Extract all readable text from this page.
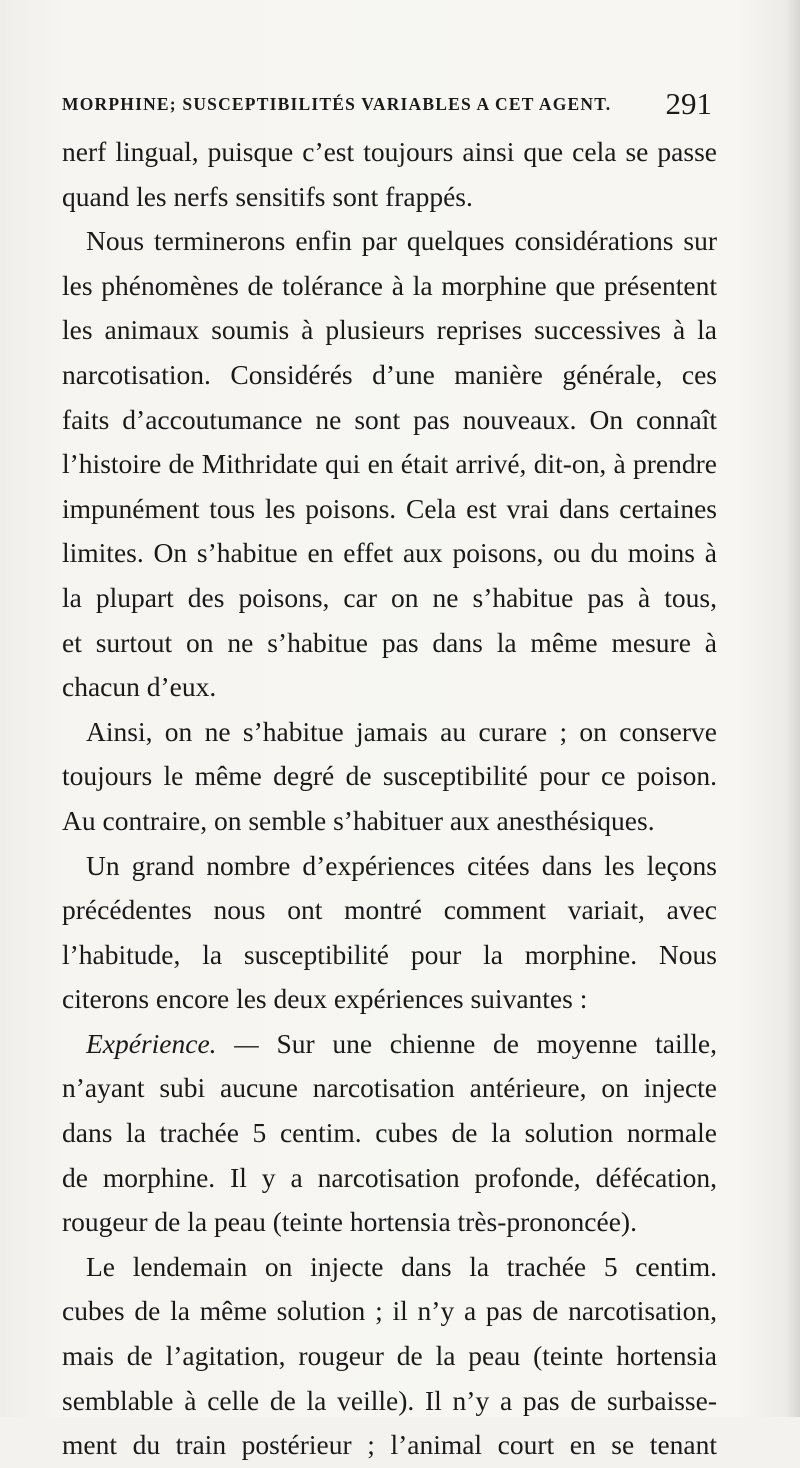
MORPHINE; SUSCEPTIBILITÉS VARIABLES A CET AGENT. 291
nerf lingual, puisque c’est toujours ainsi que cela se passe
quand les nerfs sensitifs sont frappés.
Nous terminerons enfin par quelques considérations sur
les phénomènes de tolérance à la morphine que présentent
les animaux soumis à plusieurs reprises successives à la
narcotisation. Considérés d’une manière générale, ces
faits d’accoutumance ne sont pas nouveaux. On connaît
l’histoire de Mithridate qui en était arrivé, dit-on, à prendre
impunément tous les poisons. Cela est vrai dans certaines
limites. On s’habitue en effet aux poisons, ou du moins à
la plupart des poisons, car on ne s’habitue pas à tous,
et surtout on ne s’habitue pas dans la même mesure à
chacun d’eux.
Ainsi, on ne s’habitue jamais au curare ; on conserve
toujours le même degré de susceptibilité pour ce poison.
Au contraire, on semble s’habituer aux anesthésiques.
Un grand nombre d’expériences citées dans les leçons
précédentes nous ont montré comment variait, avec
l’habitude, la susceptibilité pour la morphine. Nous
citerons encore les deux expériences suivantes :
Expérience. — Sur une chienne de moyenne taille,
n’ayant subi aucune narcotisation antérieure, on injecte
dans la trachée 5 centim. cubes de la solution normale
de morphine. Il y a narcotisation profonde, défécation,
rougeur de la peau (teinte hortensia très-prononcée).
Le lendemain on injecte dans la trachée 5 centim.
cubes de la même solution ; il n’y a pas de narcotisation,
mais de l’agitation, rougeur de la peau (teinte hortensia
semblable à celle de la veille). Il n’y a pas de surbaisse-
ment du train postérieur ; l’animal court en se tenant
